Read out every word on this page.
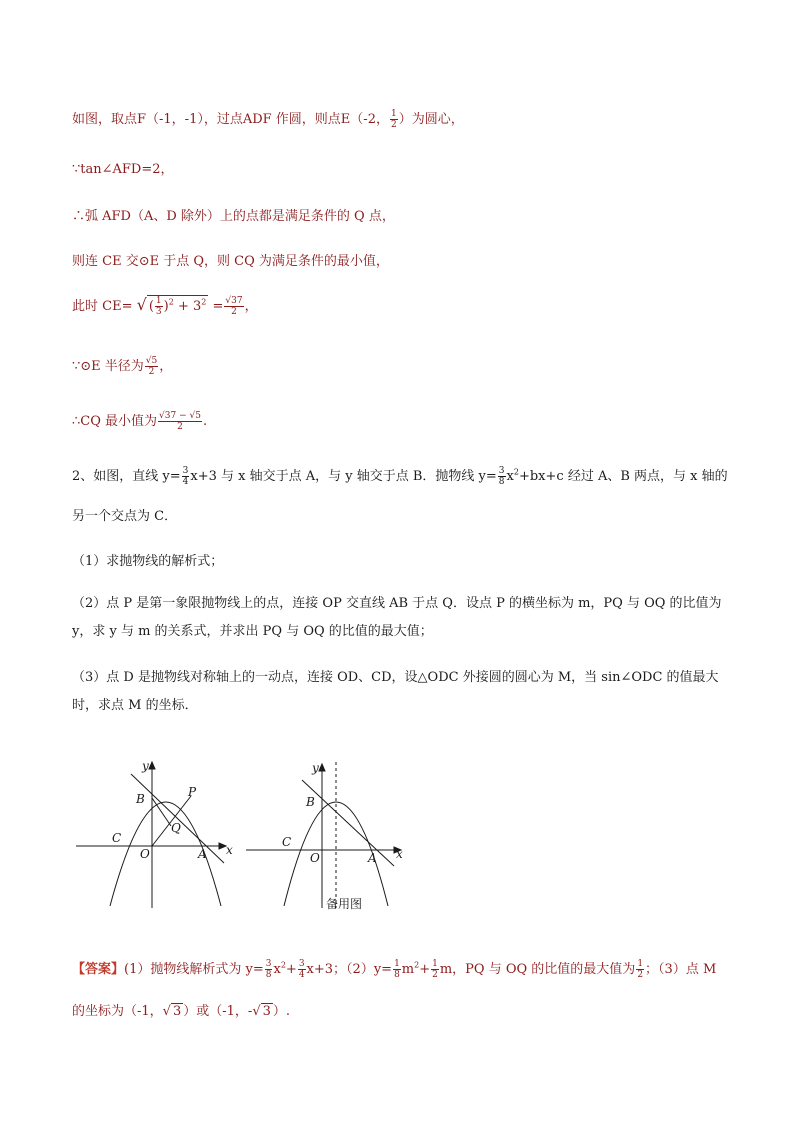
如图，取点F（-1，-1），过点ADF 作圆，则点E（-2， $\frac{1}{2}$ ）为圆心，
∵tan∠AFD=2，
∴弧 AFD（A、D 除外）上的点都是满足条件的 Q 点，
则连 CE 交⊙E 于点 Q，则 CQ 为满足条件的最小值，
此时 CE= √ ( $\frac{1}{3} )^2 + 3^2 = \frac{√37}{2}$ ，
∵⊙E 半径为 $\frac{√5}{2}$ ，
∴CQ 最小值为 $\frac{√37 - √5}{2}$ .
2、如图，直线 $y= \frac{3}{4} x+3$ 与 x 轴交于点 A，与 y 轴交于点 B．抛物线 $y= \frac{3}{8} x^2+bx+c$ 经过 A、B 两点，与 x 轴的
另一个交点为 C．
（1）求抛物线的解析式；
（2）点 P 是第一象限抛物线上的点，连接 OP 交直线 AB 于点 Q．设点 P 的横坐标为 m，PQ 与 OQ 的比值为 y，求 y 与 m 的关系式，并求出 PQ 与 OQ 的比值的最大值；
（3）点 D 是抛物线对称轴上的一动点，连接 OD、CD，设△ODC 外接圆的圆心为 M，当 sin∠ODC 的值最大时，求点 M 的坐标．
y
x
B	P
Q
C
O	A
y
x
B
C
O	A
备用图
【答案】(1）抛物线解析式为 $y= \frac{3}{8} x^2+ \frac{3}{4} x+3$；$(2)y= \frac{1}{8} m^2+ \frac{1}{2}$ m，PQ 与 OQ 的比值的最大值为 $\frac{1}{2}$ ；（3）点 M
的坐标为（-1，√ 3 ）或（-1，-√ 3 ）.
